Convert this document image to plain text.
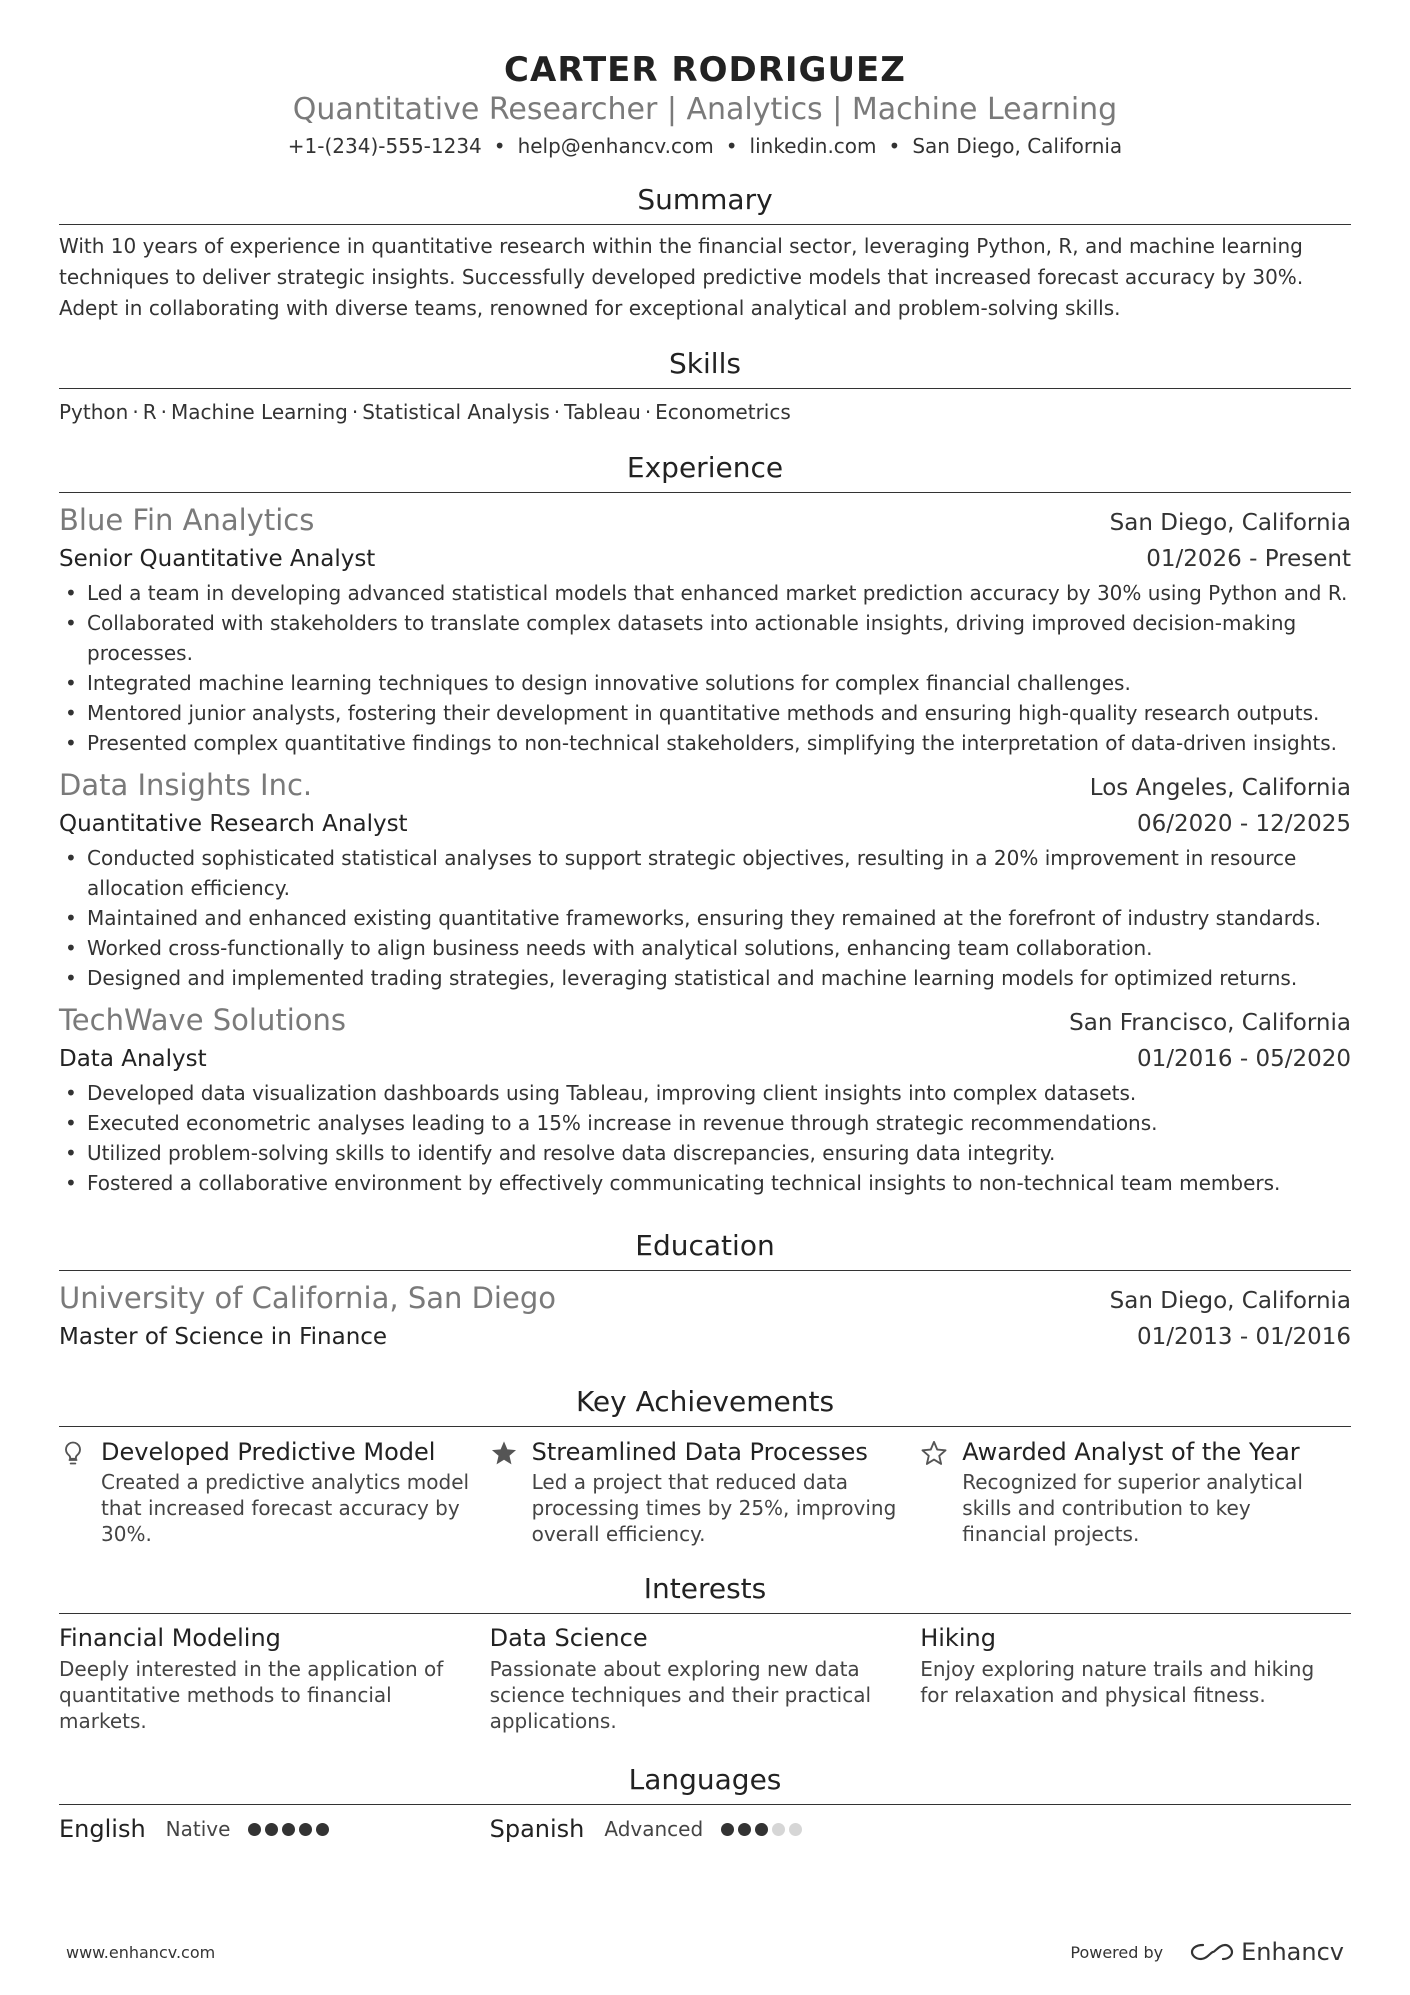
CARTER RODRIGUEZ
Quantitative Researcher | Analytics | Machine Learning
+1-(234)-555-1234 • help@enhancv.com • linkedin.com • San Diego, California
Summary

With 10 years of experience in quantitative research within the financial sector, leveraging Python, R, and machine learning techniques to deliver strategic insights. Successfully developed predictive models that increased forecast accuracy by 30%. Adept in collaborating with diverse teams, renowned for exceptional analytical and problem-solving skills.

Skills
Python · R · Machine Learning · Statistical Analysis · Tableau · Econometrics
Experience
Blue Fin Analytics	San Diego, California
Senior Quantitative Analyst	01/2026 - Present
• Led a team in developing advanced statistical models that enhanced market prediction accuracy by 30% using Python and R.
• Collaborated with stakeholders to translate complex datasets into actionable insights, driving improved decision-making processes.
• Integrated machine learning techniques to design innovative solutions for complex financial challenges.
• Mentored junior analysts, fostering their development in quantitative methods and ensuring high-quality research outputs.
• Presented complex quantitative findings to non-technical stakeholders, simplifying the interpretation of data-driven insights.
Data Insights Inc.	Los Angeles, California
Quantitative Research Analyst	06/2020 - 12/2025
• Conducted sophisticated statistical analyses to support strategic objectives, resulting in a 20% improvement in resource allocation efficiency.
• Maintained and enhanced existing quantitative frameworks, ensuring they remained at the forefront of industry standards.
• Worked cross-functionally to align business needs with analytical solutions, enhancing team collaboration.
• Designed and implemented trading strategies, leveraging statistical and machine learning models for optimized returns.
TechWave Solutions	San Francisco, California
Data Analyst	01/2016 - 05/2020
• Developed data visualization dashboards using Tableau, improving client insights into complex datasets.
• Executed econometric analyses leading to a 15% increase in revenue through strategic recommendations.
• Utilized problem-solving skills to identify and resolve data discrepancies, ensuring data integrity.
• Fostered a collaborative environment by effectively communicating technical insights to non-technical team members.
Education
University of California, San Diego	San Diego, California
Master of Science in Finance	01/2013 - 01/2016
Key Achievements
Developed Predictive Model
Created a predictive analytics model that increased forecast accuracy by 30%.
Streamlined Data Processes
Led a project that reduced data processing times by 25%, improving overall efficiency.
Awarded Analyst of the Year
Recognized for superior analytical skills and contribution to key financial projects.
Interests
Financial Modeling
Deeply interested in the application of quantitative methods to financial markets.
Data Science
Passionate about exploring new data science techniques and their practical applications.
Hiking
Enjoy exploring nature trails and hiking for relaxation and physical fitness.
Languages
English Native	Spanish Advanced
www.enhancv.com	Powered by	Enhancv
